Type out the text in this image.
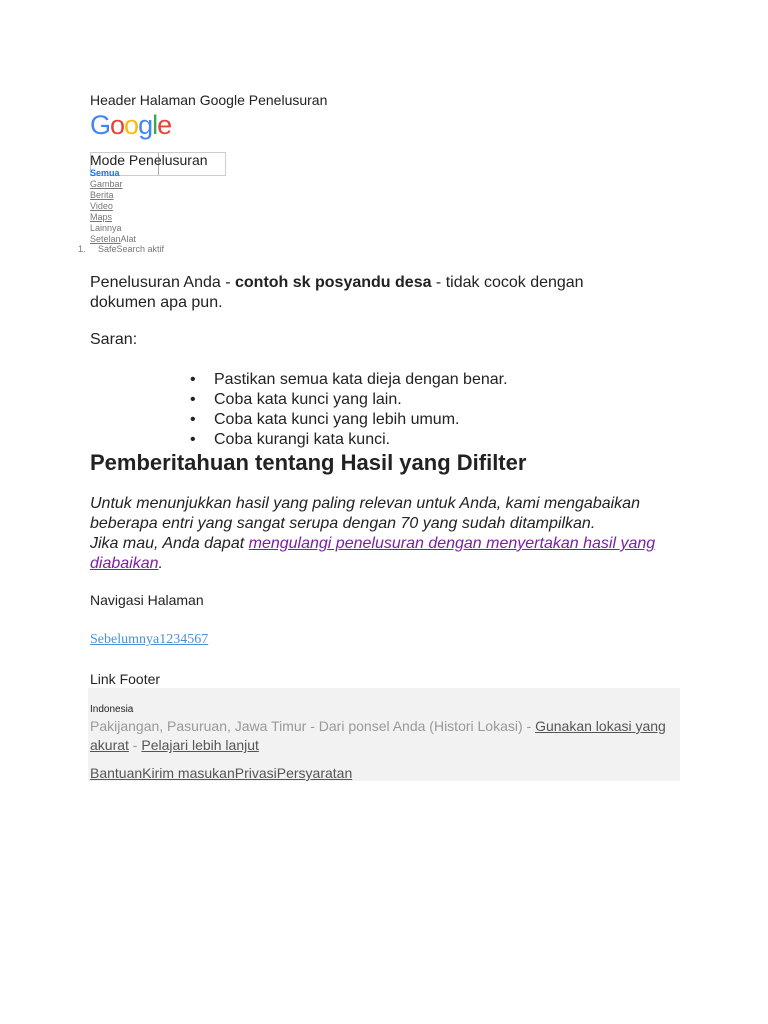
Header Halaman Google Penelusuran
Google
Mode Penelusuran
Semua
Gambar
Berita
Video
Maps
Lainnya
SetelanAlat
1. SafeSearch aktif
Penelusuran Anda - contoh sk posyandu desa - tidak cocok dengan dokumen apa pun.
Saran:
• Pastikan semua kata dieja dengan benar.
• Coba kata kunci yang lain.
• Coba kata kunci yang lebih umum.
• Coba kurangi kata kunci.
Pemberitahuan tentang Hasil yang Difilter
Untuk menunjukkan hasil yang paling relevan untuk Anda, kami mengabaikan beberapa entri yang sangat serupa dengan 70 yang sudah ditampilkan.
Jika mau, Anda dapat mengulangi penelusuran dengan menyertakan hasil yang diabaikan.
Navigasi Halaman
Sebelumnya1234567
Link Footer
Indonesia
Pakijangan, Pasuruan, Jawa Timur - Dari ponsel Anda (Histori Lokasi) - Gunakan lokasi yang akurat - Pelajari lebih lanjut
BantuanKirim masukanPrivasiPersyaratan
